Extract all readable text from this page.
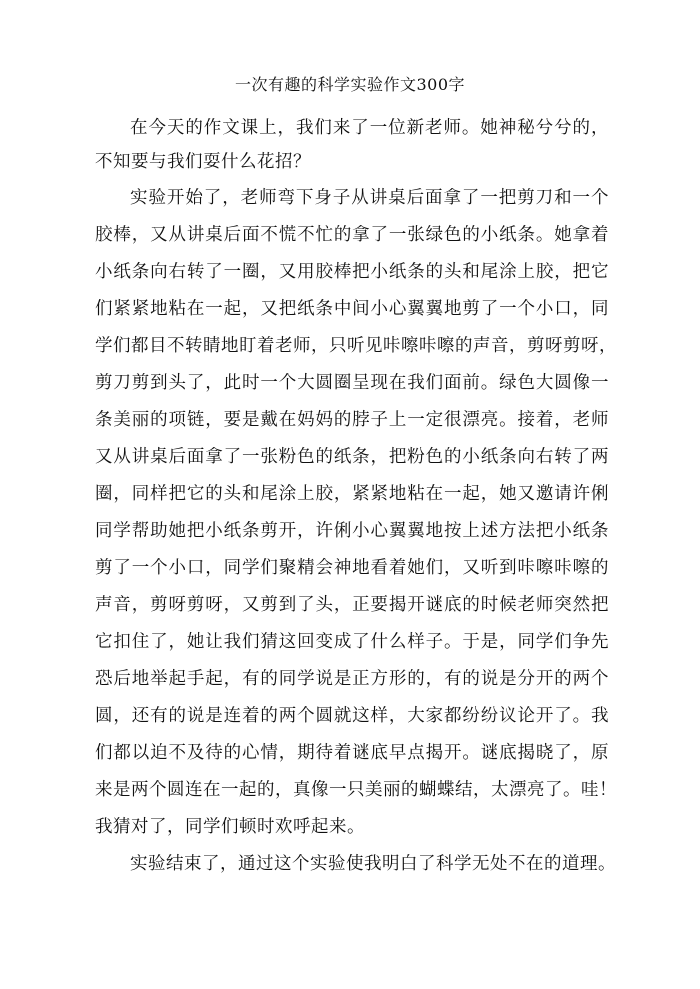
一次有趣的科学实验作文300字
在今天的作文课上，我们来了一位新老师。她神秘兮兮的，
不知要与我们耍什么花招？
实验开始了，老师弯下身子从讲桌后面拿了一把剪刀和一个
胶棒，又从讲桌后面不慌不忙的拿了一张绿色的小纸条。她拿着
小纸条向右转了一圈，又用胶棒把小纸条的头和尾涂上胶，把它
们紧紧地粘在一起，又把纸条中间小心翼翼地剪了一个小口，同
学们都目不转睛地盯着老师，只听见咔嚓咔嚓的声音，剪呀剪呀，
剪刀剪到头了，此时一个大圆圈呈现在我们面前。绿色大圆像一
条美丽的项链，要是戴在妈妈的脖子上一定很漂亮。接着，老师
又从讲桌后面拿了一张粉色的纸条，把粉色的小纸条向右转了两
圈，同样把它的头和尾涂上胶，紧紧地粘在一起，她又邀请许俐
同学帮助她把小纸条剪开，许俐小心翼翼地按上述方法把小纸条
剪了一个小口，同学们聚精会神地看着她们，又听到咔嚓咔嚓的
声音，剪呀剪呀，又剪到了头，正要揭开谜底的时候老师突然把
它扣住了，她让我们猜这回变成了什么样子。于是，同学们争先
恐后地举起手起，有的同学说是正方形的，有的说是分开的两个
圆，还有的说是连着的两个圆就这样，大家都纷纷议论开了。我
们都以迫不及待的心情，期待着谜底早点揭开。谜底揭晓了，原
来是两个圆连在一起的，真像一只美丽的蝴蝶结，太漂亮了。哇！
我猜对了，同学们顿时欢呼起来。
实验结束了，通过这个实验使我明白了科学无处不在的道理。
